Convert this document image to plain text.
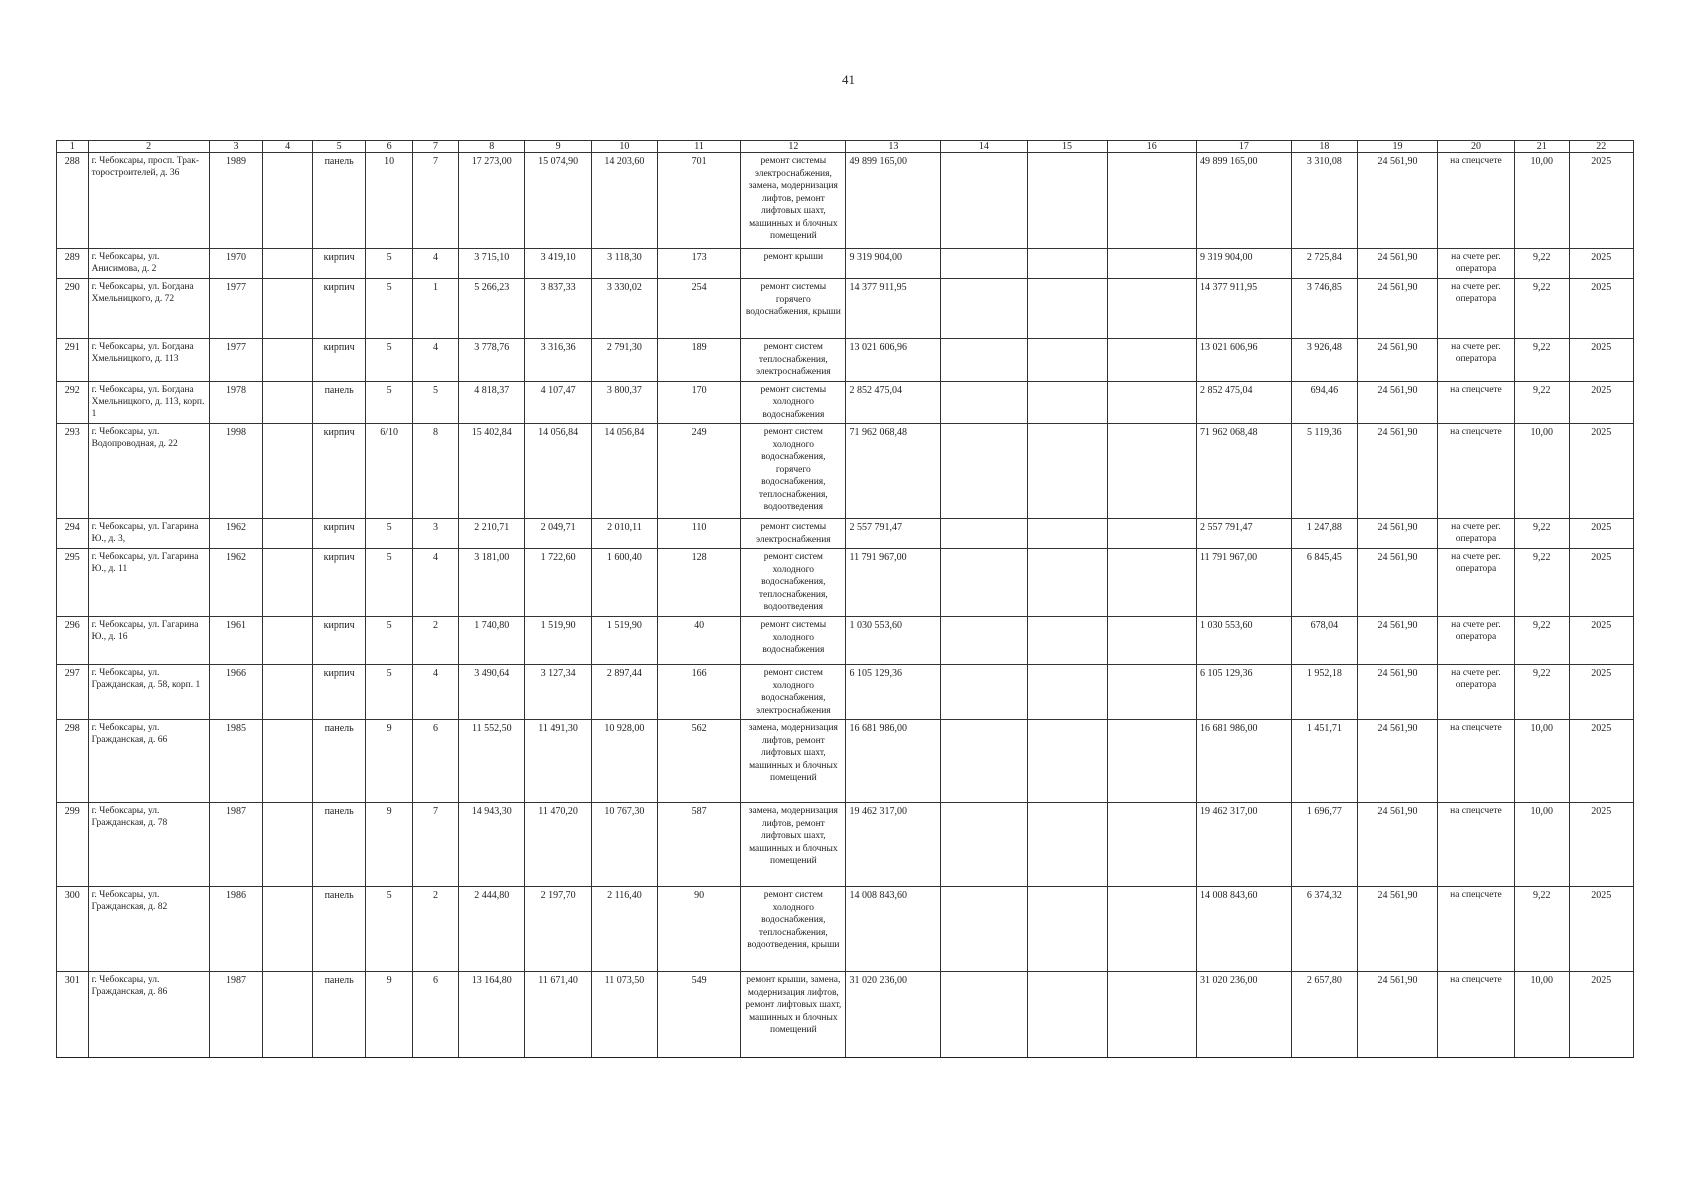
41
1	2	3	4	5	6	7	8	9	10	11	12	13	14	15	16	17	18	19	20	21	22
288	г. Чебоксары, просп. Трак-торостроителей, д. 36	1989		панель	10	7	17 273,00	15 074,90	14 203,60	701	ремонт системы электроснабжения, замена, модернизация лифтов, ремонт лифтовых шахт, машинных и блочных помещений	49 899 165,00				49 899 165,00	3 310,08	24 561,90	на спецсчете	10,00	2025
289	г. Чебоксары, ул. Анисимова, д. 2	1970		кирпич	5	4	3 715,10	3 419,10	3 118,30	173	ремонт крыши	9 319 904,00				9 319 904,00	2 725,84	24 561,90	на счете рег. оператора	9,22	2025
290	г. Чебоксары, ул. Богдана Хмельницкого, д. 72	1977		кирпич	5	1	5 266,23	3 837,33	3 330,02	254	ремонт системы горячего водоснабжения, крыши	14 377 911,95				14 377 911,95	3 746,85	24 561,90	на счете рег. оператора	9,22	2025
291	г. Чебоксары, ул. Богдана Хмельницкого, д. 113	1977		кирпич	5	4	3 778,76	3 316,36	2 791,30	189	ремонт систем теплоснабжения, электроснабжения	13 021 606,96				13 021 606,96	3 926,48	24 561,90	на счете рег. оператора	9,22	2025
292	г. Чебоксары, ул. Богдана Хмельницкого, д. 113, корп. 1	1978		панель	5	5	4 818,37	4 107,47	3 800,37	170	ремонт системы холодного водоснабжения	2 852 475,04				2 852 475,04	694,46	24 561,90	на спецсчете	9,22	2025
293	г. Чебоксары, ул. Водопроводная, д. 22	1998		кирпич	6/10	8	15 402,84	14 056,84	14 056,84	249	ремонт систем холодного водоснабжения, горячего водоснабжения, теплоснабжения, водоотведения	71 962 068,48				71 962 068,48	5 119,36	24 561,90	на спецсчете	10,00	2025
294	г. Чебоксары, ул. Гагарина Ю., д. 3,	1962		кирпич	5	3	2 210,71	2 049,71	2 010,11	110	ремонт системы электроснабжения	2 557 791,47				2 557 791,47	1 247,88	24 561,90	на счете рег. оператора	9,22	2025
295	г. Чебоксары, ул. Гагарина Ю., д. 11	1962		кирпич	5	4	3 181,00	1 722,60	1 600,40	128	ремонт систем холодного водоснабжения, теплоснабжения, водоотведения	11 791 967,00				11 791 967,00	6 845,45	24 561,90	на счете рег. оператора	9,22	2025
296	г. Чебоксары, ул. Гагарина Ю., д. 16	1961		кирпич	5	2	1 740,80	1 519,90	1 519,90	40	ремонт системы холодного водоснабжения	1 030 553,60				1 030 553,60	678,04	24 561,90	на счете рег. оператора	9,22	2025
297	г. Чебоксары, ул. Гражданская, д. 58, корп. 1	1966		кирпич	5	4	3 490,64	3 127,34	2 897,44	166	ремонт систем холодного водоснабжения, электроснабжения	6 105 129,36				6 105 129,36	1 952,18	24 561,90	на счете рег. оператора	9,22	2025
298	г. Чебоксары, ул. Гражданская, д. 66	1985		панель	9	6	11 552,50	11 491,30	10 928,00	562	замена, модернизация лифтов, ремонт лифтовых шахт, машинных и блочных помещений	16 681 986,00				16 681 986,00	1 451,71	24 561,90	на спецсчете	10,00	2025
299	г. Чебоксары, ул. Гражданская, д. 78	1987		панель	9	7	14 943,30	11 470,20	10 767,30	587	замена, модернизация лифтов, ремонт лифтовых шахт, машинных и блочных помещений	19 462 317,00				19 462 317,00	1 696,77	24 561,90	на спецсчете	10,00	2025
300	г. Чебоксары, ул. Гражданская, д. 82	1986		панель	5	2	2 444,80	2 197,70	2 116,40	90	ремонт систем холодного водоснабжения, теплоснабжения, водоотведения, крыши	14 008 843,60				14 008 843,60	6 374,32	24 561,90	на спецсчете	9,22	2025
301	г. Чебоксары, ул. Гражданская, д. 86	1987		панель	9	6	13 164,80	11 671,40	11 073,50	549	ремонт крыши, замена, модернизация лифтов, ремонт лифтовых шахт, машинных и блочных помещений	31 020 236,00				31 020 236,00	2 657,80	24 561,90	на спецсчете	10,00	2025
